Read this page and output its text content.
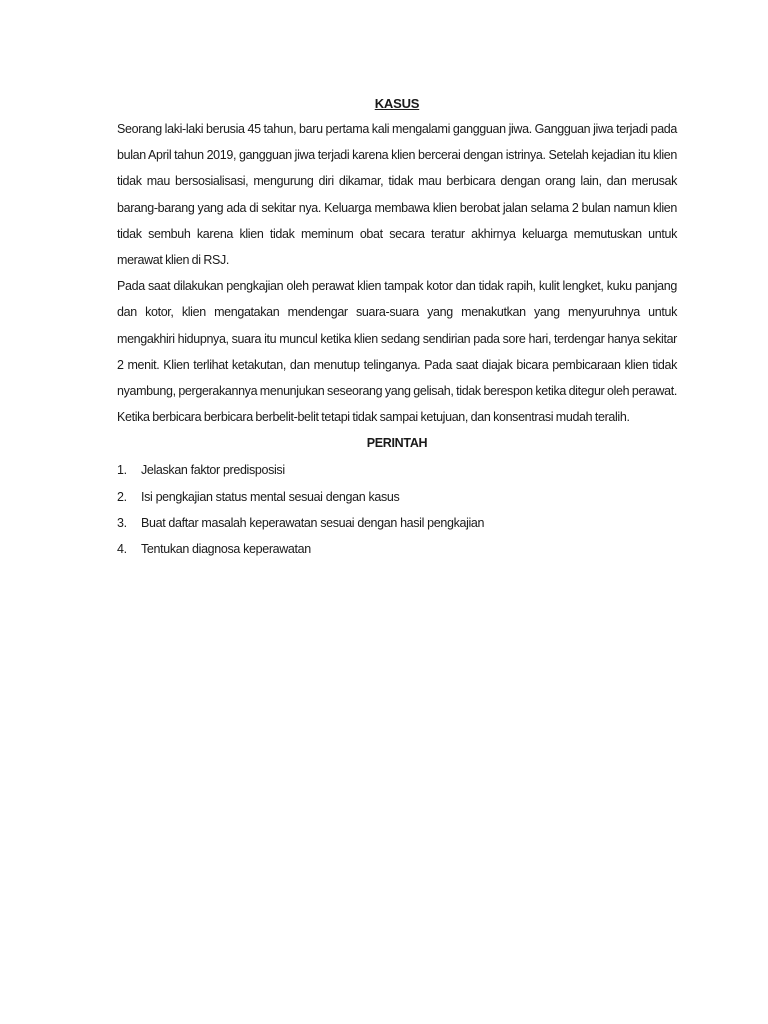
KASUS

Seorang laki-laki berusia 45 tahun, baru pertama kali mengalami gangguan jiwa. Gangguan jiwa terjadi pada bulan April tahun 2019, gangguan jiwa terjadi karena klien bercerai dengan istrinya. Setelah kejadian itu klien tidak mau bersosialisasi, mengurung diri dikamar, tidak mau berbicara dengan orang lain, dan merusak barang-barang yang ada di sekitar nya. Keluarga membawa klien berobat jalan selama 2 bulan namun klien tidak sembuh karena klien tidak meminum obat secara teratur akhirnya keluarga memutuskan untuk merawat klien di RSJ.

Pada saat dilakukan pengkajian oleh perawat klien tampak kotor dan tidak rapih, kulit lengket, kuku panjang dan kotor, klien mengatakan mendengar suara-suara yang menakutkan yang menyuruhnya untuk mengakhiri hidupnya, suara itu muncul ketika klien sedang sendirian pada sore hari, terdengar hanya sekitar 2 menit. Klien terlihat ketakutan, dan menutup telinganya. Pada saat diajak bicara pembicaraan klien tidak nyambung, pergerakannya menunjukan seseorang yang gelisah, tidak berespon ketika ditegur oleh perawat. Ketika berbicara berbicara berbelit-belit tetapi tidak sampai ketujuan, dan konsentrasi mudah teralih.

PERINTAH
1.	Jelaskan faktor predisposisi
2.	Isi pengkajian status mental sesuai dengan kasus
3.	Buat daftar masalah keperawatan sesuai dengan hasil pengkajian
4.	Tentukan diagnosa keperawatan
